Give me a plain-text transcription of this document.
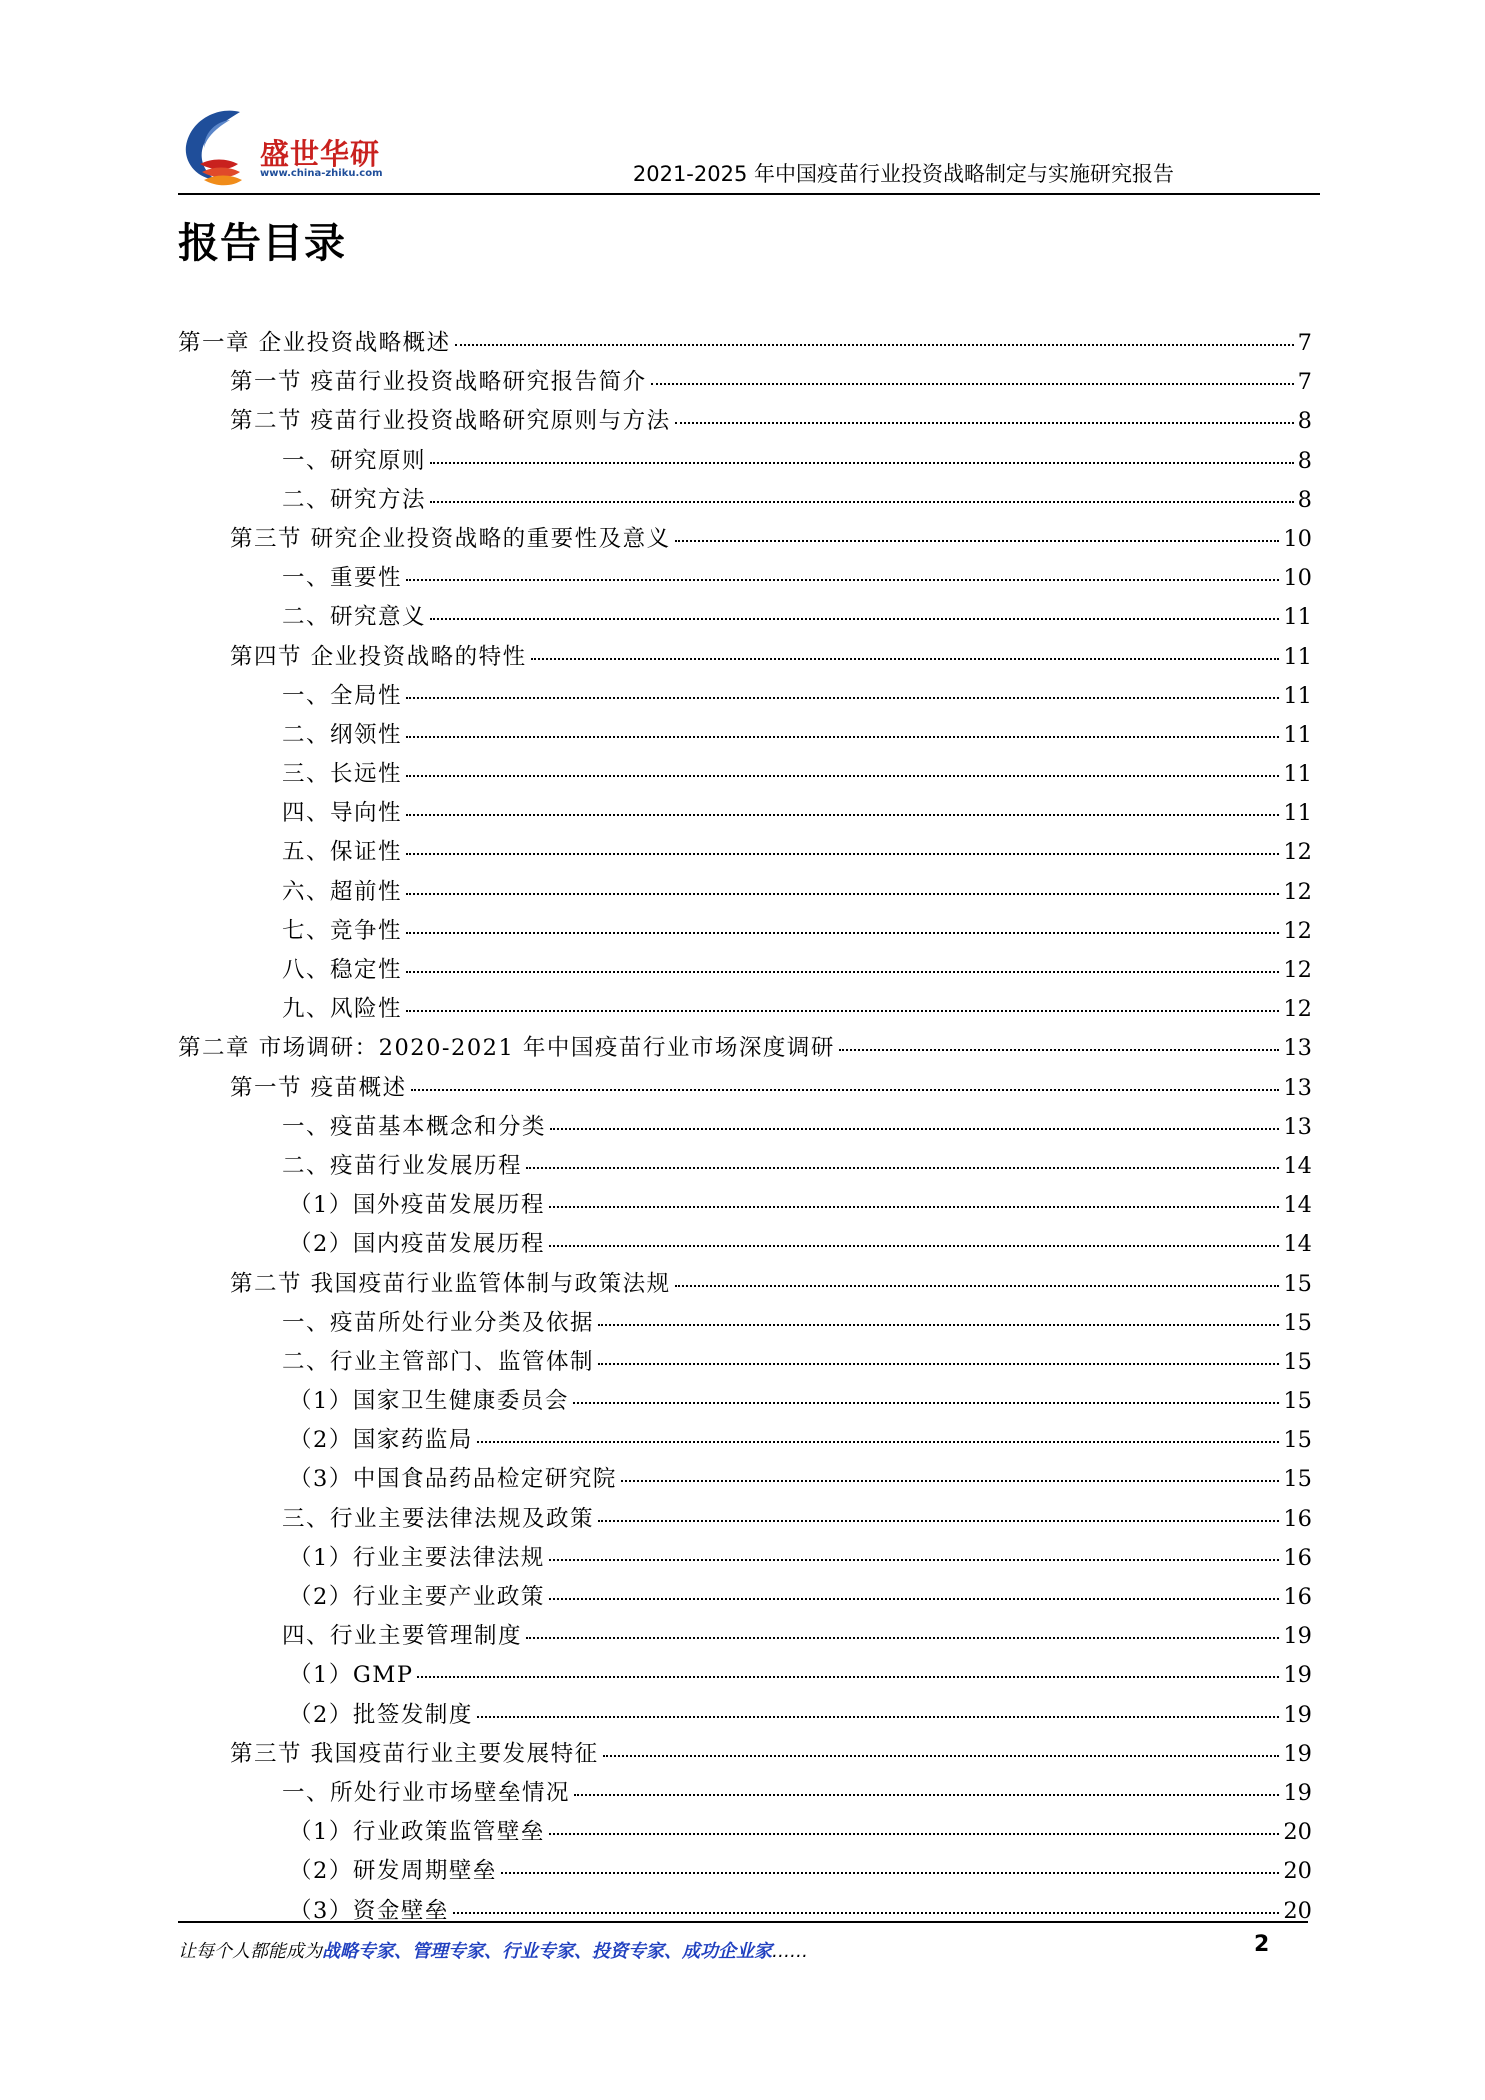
盛世华研
www.china-zhiku.com	2021-2025 年中国疫苗行业投资战略制定与实施研究报告
报告目录
第一章 企业投资战略概述	7
第一节 疫苗行业投资战略研究报告简介	7
第二节 疫苗行业投资战略研究原则与方法	8
一、研究原则	8
二、研究方法	8
第三节 研究企业投资战略的重要性及意义	10
一、重要性	10
二、研究意义	11
第四节 企业投资战略的特性	11
一、全局性	11
二、纲领性	11
三、长远性	11
四、导向性	11
五、保证性	12
六、超前性	12
七、竞争性	12
八、稳定性	12
九、风险性	12
第二章 市场调研：2020-2021 年中国疫苗行业市场深度调研	13
第一节 疫苗概述	13
一、疫苗基本概念和分类	13
二、疫苗行业发展历程	14
（1）国外疫苗发展历程	14
（2）国内疫苗发展历程	14
第二节 我国疫苗行业监管体制与政策法规	15
一、疫苗所处行业分类及依据	15
二、行业主管部门、监管体制	15
（1）国家卫生健康委员会	15
（2）国家药监局	15
（3）中国食品药品检定研究院	15
三、行业主要法律法规及政策	16
（1）行业主要法律法规	16
（2）行业主要产业政策	16
四、行业主要管理制度	19
（1）GMP	19
（2）批签发制度	19
第三节 我国疫苗行业主要发展特征	19
一、所处行业市场壁垒情况	19
（1）行业政策监管壁垒	20
（2）研发周期壁垒	20
（3）资金壁垒	20
让每个人都能成为战略专家、管理专家、行业专家、投资专家、成功企业家……	2
